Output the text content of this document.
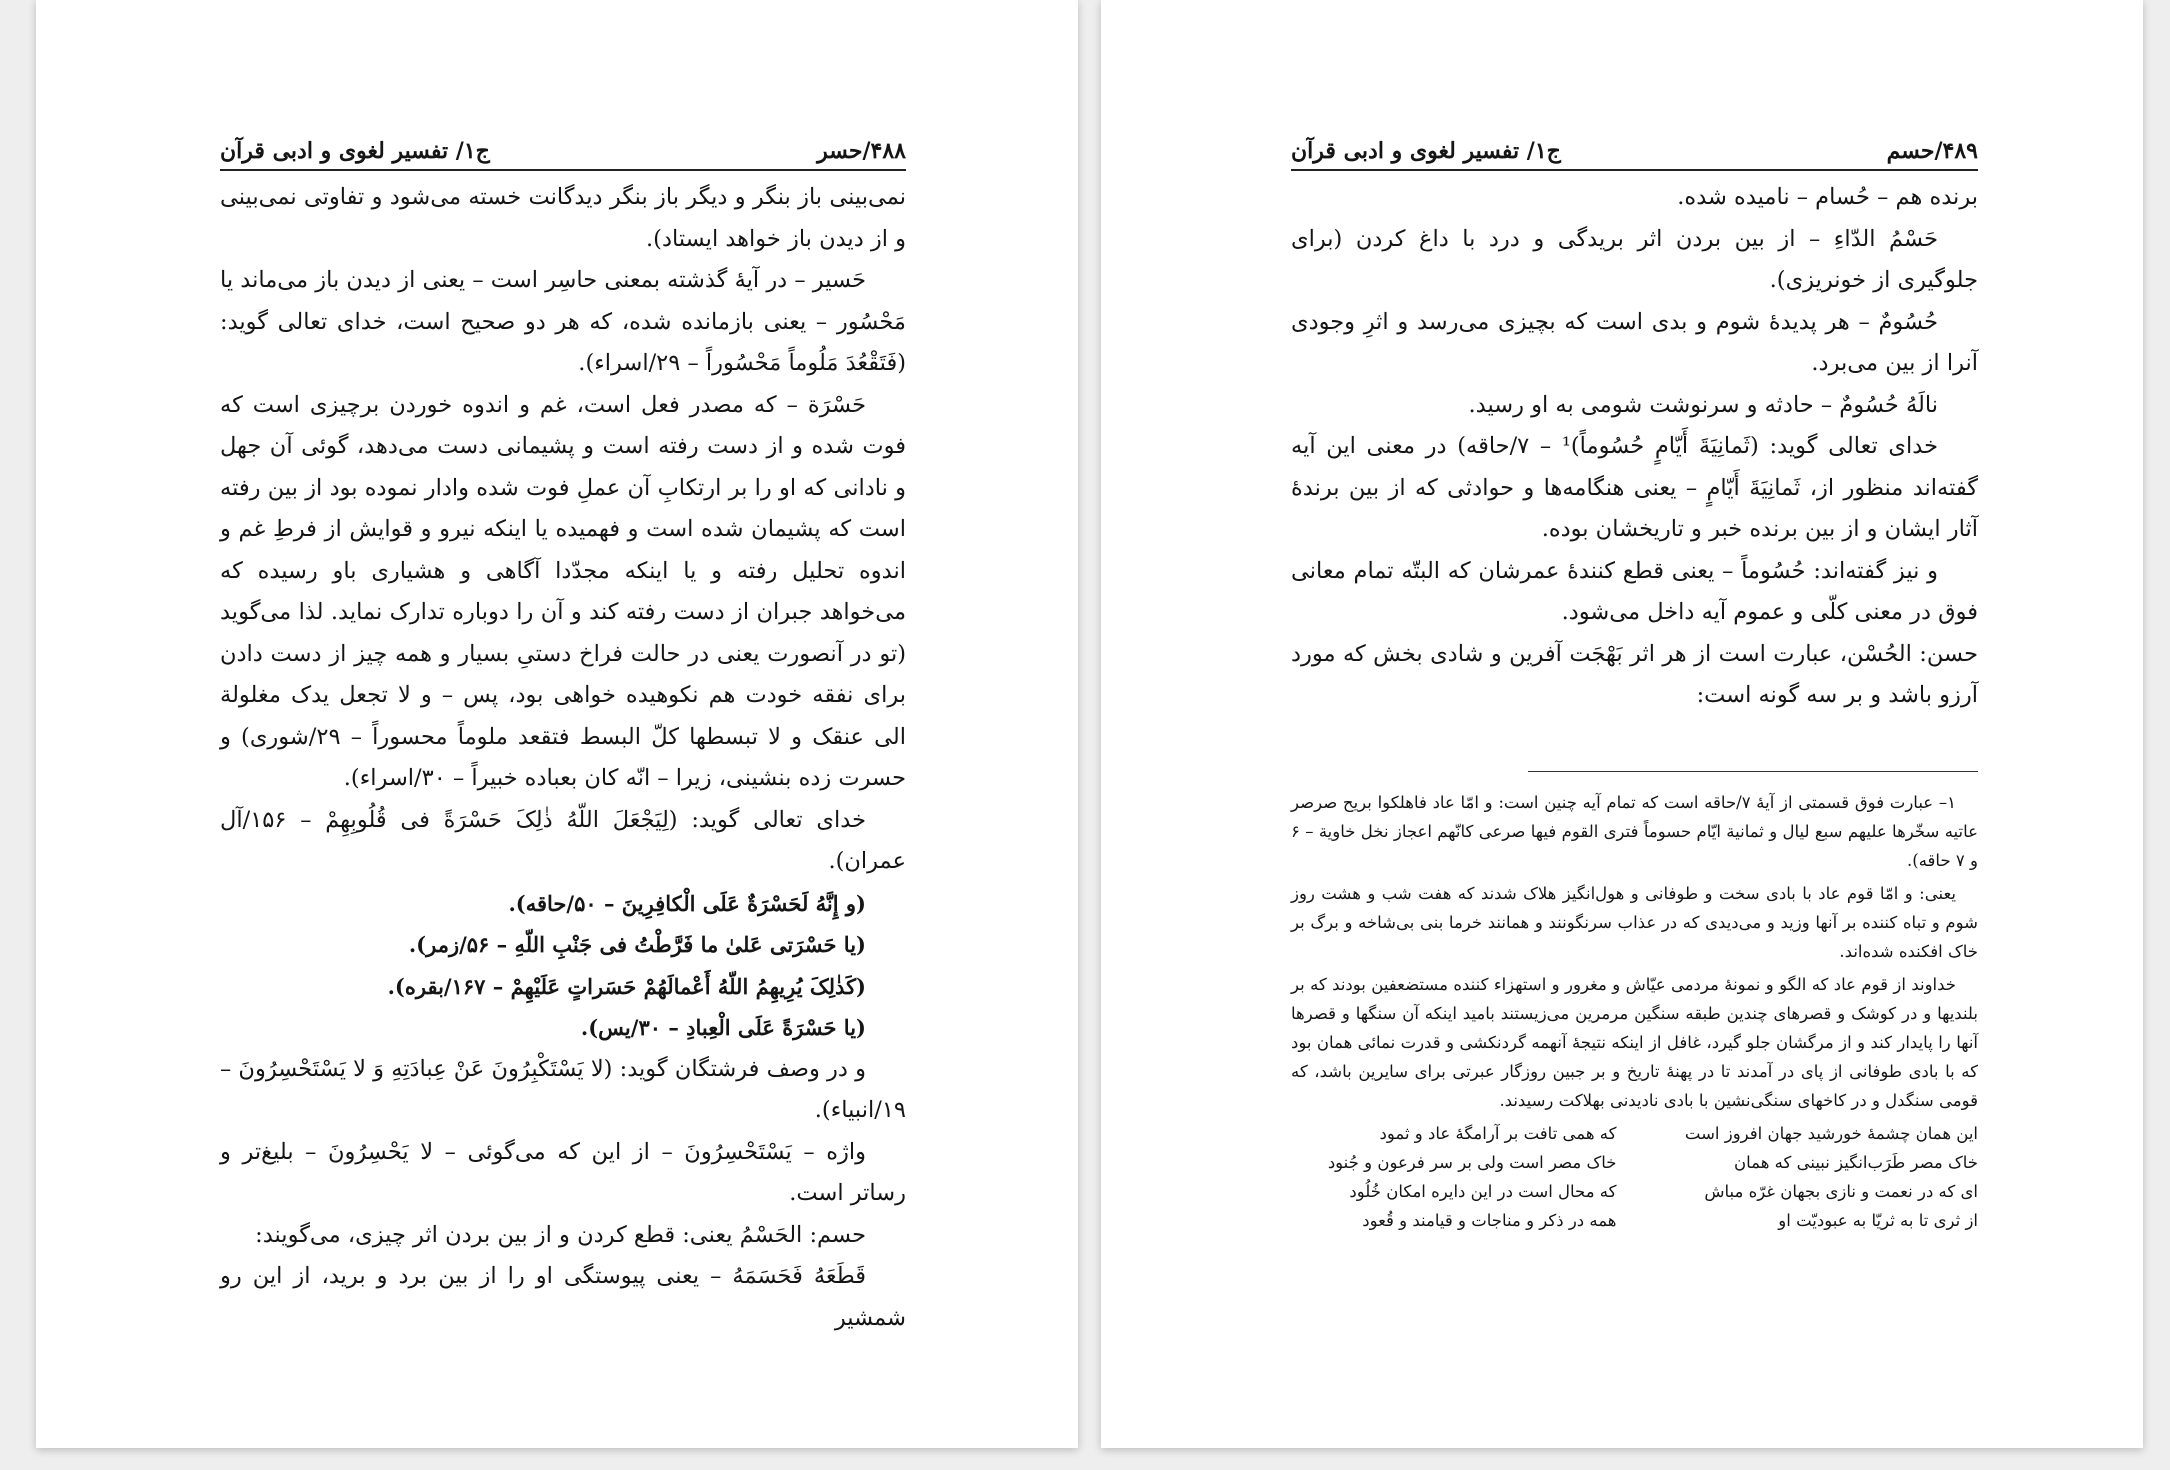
۴۸۸/حسر
ج۱/ تفسیر لغوی و ادبی قرآن

نمی‌بینی باز بنگر و دیگر باز بنگر دیدگانت خسته می‌شود و تفاوتی نمی‌بینی و از دیدن باز خواهد ایستاد).

حَسیر – در آیهٔ گذشته بمعنی حاسِر است – یعنی از دیدن باز می‌ماند یا مَحْسُور – یعنی بازمانده شده، که هر دو صحیح است، خدای تعالی گوید: (فَتَقْعُدَ مَلُوماً مَحْسُوراً – ۲۹/اسراء).

حَسْرَة – که مصدر فعل است، غم و اندوه خوردن برچیزی است که فوت شده و از دست رفته است و پشیمانی دست می‌دهد، گوئی آن جهل و نادانی که او را بر ارتکابِ آن عملِ فوت شده وادار نموده بود از بین رفته است که پشیمان شده است و فهمیده یا اینکه نیرو و قوایش از فرطِ غم و اندوه تحلیل رفته و یا اینکه مجدّدا آگاهی و هشیاری باو رسیده که می‌خواهد جبران از دست رفته کند و آن را دوباره تدارک نماید. لذا می‌گوید (تو در آنصورت یعنی در حالت فراخ دستیِ بسیار و همه چیز از دست دادن برای نفقه خودت هم نکوهیده خواهی بود، پس – و لا تجعل یدک مغلولة الی عنقک و لا تبسطها کلّ البسط فتقعد ملوماً محسوراً – ۲۹/شوری) و حسرت زده بنشینی، زیرا – انّه کان بعباده خبیراً – ۳۰/اسراء).

خدای تعالی گوید: (لِیَجْعَلَ اللّهُ ذٰلِکَ حَسْرَةً فی قُلُوبِهِمْ – ۱۵۶/آل عمران).

(و إِنَّهُ لَحَسْرَةٌ عَلَى الْکافِرِینَ – ۵۰/حاقه).

(یا حَسْرَتی عَلیٰ ما فَرَّطْتُ فی جَنْبِ اللّهِ – ۵۶/زمر).

(کَذٰلِکَ یُرِیهِمُ اللّهُ أَعْمالَهُمْ حَسَراتٍ عَلَیْهِمْ – ۱۶۷/بقره).

(یا حَسْرَةً عَلَى الْعِبادِ – ۳۰/یس).

و در وصف فرشتگان گوید: (لا یَسْتَکْبِرُونَ عَنْ عِبادَتِهِ وَ لا یَسْتَحْسِرُونَ – ۱۹/انبیاء).

واژه – یَسْتَحْسِرُونَ – از این که می‌گوئی – لا یَحْسِرُونَ – بلیغ‌تر و رساتر است.

حسم: الحَسْمُ یعنی: قطع کردن و از بین بردن اثر چیزی، می‌گویند:

قَطَعَهُ فَحَسَمَهُ – یعنی پیوستگی او را از بین برد و برید، از این رو شمشیر

۴۸۹/حسم
ج۱/ تفسیر لغوی و ادبی قرآن

برنده هم – حُسام – نامیده شده.

حَسْمُ الدّاءِ – از بین بردن اثر بریدگی و درد با داغ کردن (برای جلوگیری از خونریزی).

حُسُومٌ – هر پدیدهٔ شوم و بدی است که بچیزی می‌رسد و اثرِ وجودی آنرا از بین می‌برد.

نالَهُ حُسُومٌ – حادثه و سرنوشت شومی به او رسید.

خدای تعالی گوید: (ثَمانِیَةَ أَیّامٍ حُسُوماً)¹ – ۷/حاقه) در معنی این آیه گفته‌اند منظور از، ثَمانِیَةَ أَیّامٍ – یعنی هنگامه‌ها و حوادثی که از بین برندهٔ آثار ایشان و از بین برنده خبر و تاریخشان بوده.

و نیز گفته‌اند: حُسُوماً – یعنی قطع کنندهٔ عمرشان که البتّه تمام معانی فوق در معنی کلّی و عموم آیه داخل می‌شود.

حسن: الحُسْن، عبارت است از هر اثر بَهْجَت آفرین و شادی بخش که مورد آرزو باشد و بر سه گونه است:

۱– عبارت فوق قسمتی از آیهٔ ۷/حاقه است که تمام آیه چنین است: و امّا عاد فاهلکوا بریح صرصر عاتیه سخّرها علیهم سبع لیال و ثمانیة ایّام حسوماً فتری القوم فیها صرعی کانّهم اعجاز نخل خاویة – ۶ و ۷ حاقه).

یعنی: و امّا قوم عاد با بادی سخت و طوفانی و هول‌انگیز هلاک شدند که هفت شب و هشت روز شوم و تباه کننده بر آنها وزید و می‌دیدی که در عذاب سرنگونند و همانند خرما بنی بی‌شاخه و برگ بر خاک افکنده شده‌اند.

خداوند از قوم عاد که الگو و نمونهٔ مردمی عیّاش و مغرور و استهزاء کننده مستضعفین بودند که بر بلندیها و در کوشک و قصرهای چندین طبقه سنگین مرمرین می‌زیستند بامید اینکه آن سنگها و قصرها آنها را پایدار کند و از مرگشان جلو گیرد، غافل از اینکه نتیجهٔ آنهمه گردنکشی و قدرت نمائی همان بود که با بادی طوفانی از پای در آمدند تا در پهنهٔ تاریخ و بر جبین روزگار عبرتی برای سایرین باشد، که قومی سنگدل و در کاخهای سنگی‌نشین با بادی نادیدنی بهلاکت رسیدند.

این همان چشمهٔ خورشید جهان افروز است
که همی تافت بر آرامگهٔ عاد و ثمود
خاک مصر طَرَب‌انگیز نبینی که همان
خاک مصر است ولی بر سر فرعون و جُنود
ای که در نعمت و نازی بجهان غرّه مباش
که محال است در این دایره امکان خُلُود
از ثری تا به ثریّا به عبودیّت او
همه در ذکر و مناجات و قیامند و قُعود
